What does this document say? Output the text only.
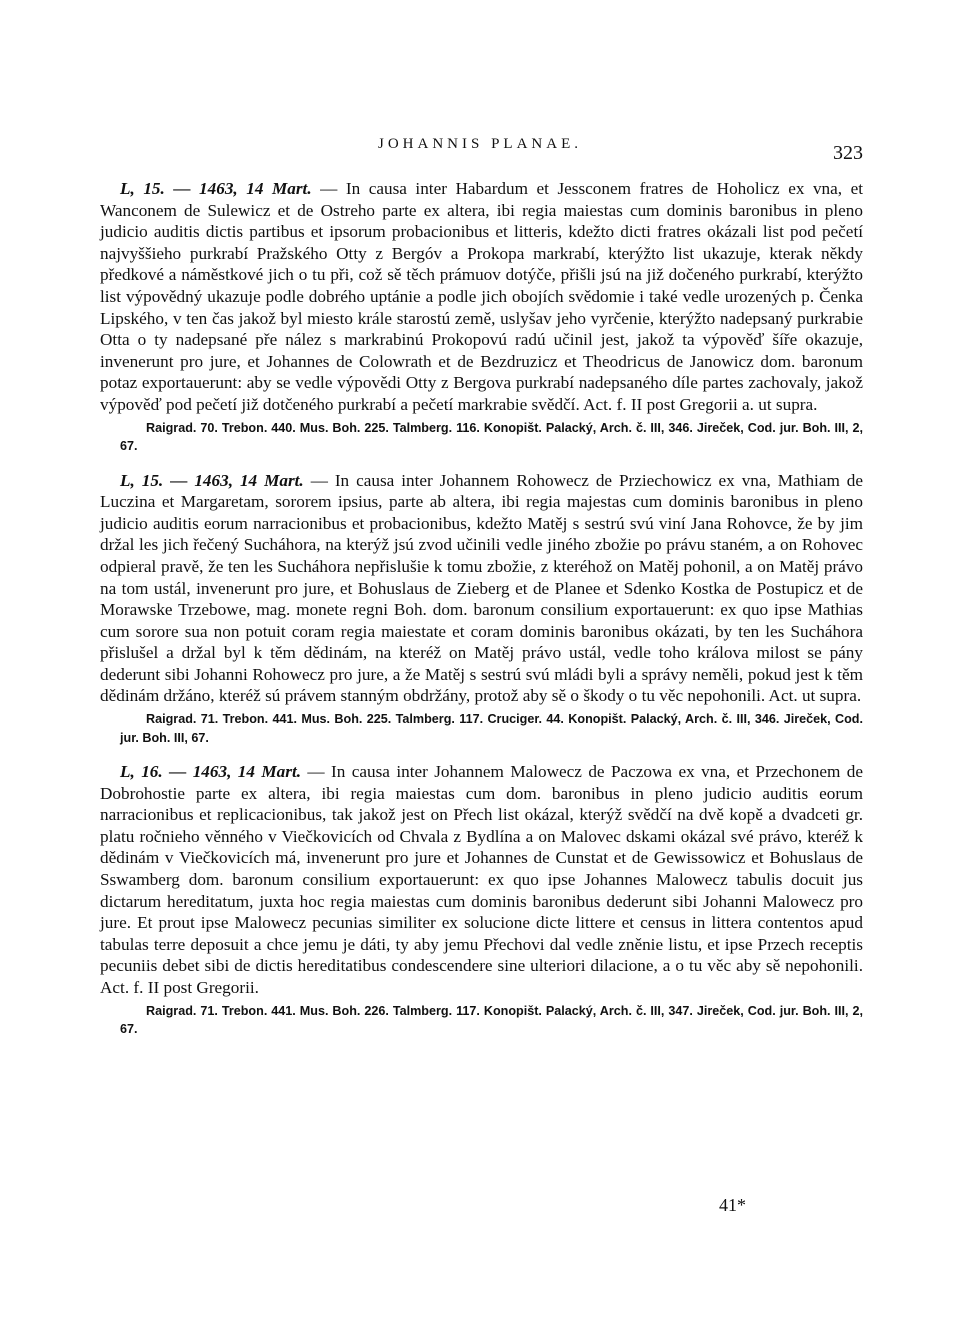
JOHANNIS PLANAE.	323

L, 15. — 1463, 14 Mart. — In causa inter Habardum et Jessconem fratres de Hoholicz ex vna, et Wanconem de Sulewicz et de Ostreho parte ex altera, ibi regia maiestas cum dominis baronibus in pleno judicio auditis dictis partibus et ipsorum probacionibus et litteris, kdežto dicti fratres okázali list pod pečetí najvyššieho purkrabí Pražského Otty z Bergóv a Prokopa markrabí, kterýžto list ukazuje, kterak někdy předkové a náměstkové jich o tu při, což sě těch prámuov dotýče, přišli jsú na již dočeného purkrabí, kterýžto list výpovědný ukazuje podle dobrého uptánie a podle jich obojích svědomie i také vedle urozených p. Čenka Lipského, v ten čas jakož byl miesto krále starostú země, uslyšav jeho vyrčenie, kterýžto nadepsaný purkrabie Otta o ty nadepsané pře nález s markrabinú Prokopovú radú učinil jest, jakož ta výpověď šíře okazuje, invenerunt pro jure, et Johannes de Colowrath et de Bezdruzicz et Theodricus de Janowicz dom. baronum potaz exportauerunt: aby se vedle výpovědi Otty z Bergova purkrabí nadepsaného díle partes zachovaly, jakož výpověď pod pečetí již dotčeného purkrabí a pečetí markrabie svědčí. Act. f. II post Gregorii a. ut supra.

Raigrad. 70. Trebon. 440. Mus. Boh. 225. Talmberg. 116. Konopišt. Palacký, Arch. č. III, 346. Jireček, Cod. jur. Boh. III, 2, 67.

L, 15. — 1463, 14 Mart. — In causa inter Johannem Rohowecz de Prziechowicz ex vna, Mathiam de Luczina et Margaretam, sororem ipsius, parte ab altera, ibi regia majestas cum dominis baronibus in pleno judicio auditis eorum narracionibus et probacionibus, kdežto Matěj s sestrú svú viní Jana Rohovce, že by jim držal les jich řečený Sucháhora, na kterýž jsú zvod učinili vedle jiného zbožie po právu staném, a on Rohovec odpieral pravě, že ten les Sucháhora nepřislušie k tomu zbožie, z kteréhož on Matěj pohonil, a on Matěj právo na tom ustál, invenerunt pro jure, et Bohuslaus de Zieberg et de Planee et Sdenko Kostka de Postupicz et de Morawske Trzebowe, mag. monete regni Boh. dom. baronum consilium exportauerunt: ex quo ipse Mathias cum sorore sua non potuit coram regia maiestate et coram dominis baronibus okázati, by ten les Sucháhora přislušel a držal byl k těm dědinám, na kteréž on Matěj právo ustál, vedle toho králova milost se pány dederunt sibi Johanni Rohowecz pro jure, a že Matěj s sestrú svú mládi byli a správy neměli, pokud jest k těm dědinám držáno, kteréž sú právem stanným obdržány, protož aby sě o škody o tu věc nepohonili. Act. ut supra.

Raigrad. 71. Trebon. 441. Mus. Boh. 225. Talmberg. 117. Cruciger. 44. Konopišt. Palacký, Arch. č. III, 346. Jireček, Cod. jur. Boh. III, 67.

L, 16. — 1463, 14 Mart. — In causa inter Johannem Malowecz de Paczowa ex vna, et Przechonem de Dobrohostie parte ex altera, ibi regia maiestas cum dom. baronibus in pleno judicio auditis eorum narracionibus et replicacionibus, tak jakož jest on Přech list okázal, kterýž svědčí na dvě kopě a dvadceti gr. platu ročnieho věnného v Viečkovicích od Chvala z Bydlína a on Malovec dskami okázal své právo, kteréž k dědinám v Viečkovicích má, invenerunt pro jure et Johannes de Cunstat et de Gewissowicz et Bohuslaus de Sswamberg dom. baronum consilium exportauerunt: ex quo ipse Johannes Malowecz tabulis docuit jus dictarum hereditatum, juxta hoc regia maiestas cum dominis baronibus dederunt sibi Johanni Malowecz pro jure. Et prout ipse Malowecz pecunias similiter ex solucione dicte littere et census in littera contentos apud tabulas terre deposuit a chce jemu je dáti, ty aby jemu Přechovi dal vedle zněnie listu, et ipse Przech receptis pecuniis debet sibi de dictis hereditatibus condescendere sine ulteriori dilacione, a o tu věc aby sě nepohonili. Act. f. II post Gregorii.

Raigrad. 71. Trebon. 441. Mus. Boh. 226. Talmberg. 117. Konopišt. Palacký, Arch. č. III, 347. Jireček, Cod. jur. Boh. III, 2, 67.
41*
